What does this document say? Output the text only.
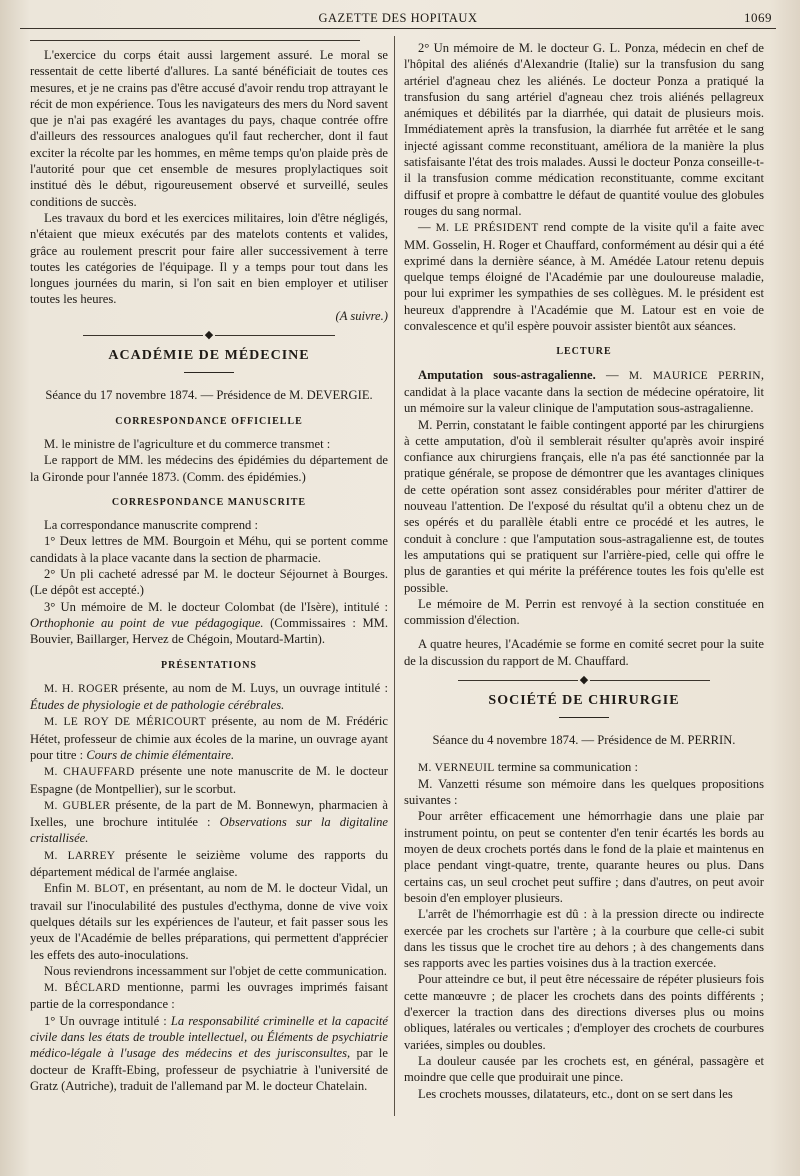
GAZETTE DES HOPITAUX	1069

L'exercice du corps était aussi largement assuré. Le moral se ressentait de cette liberté d'allures. La santé bénéficiait de toutes ces mesures, et je ne crains pas d'être accusé d'avoir rendu trop attrayant le récit de mon expérience. Tous les navigateurs des mers du Nord savent que je n'ai pas exagéré les avantages du pays, chaque contrée offre d'ailleurs des ressources analogues qu'il faut rechercher, dont il faut exciter la récolte par les hommes, en même temps qu'on plaide près de l'autorité pour que cet ensemble de mesures proplylactiques soit institué dès le début, rigoureusement observé et surveillé, seules conditions de succès.

Les travaux du bord et les exercices militaires, loin d'être négligés, n'étaient que mieux exécutés par des matelots contents et valides, grâce au roulement prescrit pour faire aller successivement à terre toutes les catégories de l'équipage. Il y a temps pour tout dans les longues journées du marin, si l'on sait en bien employer et utiliser toutes les heures.

(A suivre.)
◆
ACADÉMIE DE MÉDECINE
Séance du 17 novembre 1874. — Présidence de M. DEVERGIE.
CORRESPONDANCE OFFICIELLE

M. le ministre de l'agriculture et du commerce transmet :

Le rapport de MM. les médecins des épidémies du département de la Gironde pour l'année 1873. (Comm. des épidémies.)

CORRESPONDANCE MANUSCRITE

La correspondance manuscrite comprend :

1° Deux lettres de MM. Bourgoin et Méhu, qui se portent comme candidats à la place vacante dans la section de pharmacie.

2° Un pli cacheté adressé par M. le docteur Séjournet à Bourges. (Le dépôt est accepté.)

3° Un mémoire de M. le docteur Colombat (de l'Isère), intitulé : Orthophonie au point de vue pédagogique. (Commissaires : MM. Bouvier, Baillarger, Hervez de Chégoin, Moutard-Martin).

PRÉSENTATIONS

M. H. ROGER présente, au nom de M. Luys, un ouvrage intitulé : Études de physiologie et de pathologie cérébrales.

M. LE ROY DE MÉRICOURT présente, au nom de M. Frédéric Hétet, professeur de chimie aux écoles de la marine, un ouvrage ayant pour titre : Cours de chimie élémentaire.

M. CHAUFFARD présente une note manuscrite de M. le docteur Espagne (de Montpellier), sur le scorbut.

M. GUBLER présente, de la part de M. Bonnewyn, pharmacien à Ixelles, une brochure intitulée : Observations sur la digitaline cristallisée.

M. LARREY présente le seizième volume des rapports du département médical de l'armée anglaise.

Enfin M. BLOT, en présentant, au nom de M. le docteur Vidal, un travail sur l'inoculabilité des pustules d'ecthyma, donne de vive voix quelques détails sur les expériences de l'auteur, et fait passer sous les yeux de l'Académie de belles préparations, qui permettent d'apprécier les effets des auto-inoculations.

Nous reviendrons incessamment sur l'objet de cette communication.

M. BÉCLARD mentionne, parmi les ouvrages imprimés faisant partie de la correspondance :

1° Un ouvrage intitulé : La responsabilité criminelle et la capacité civile dans les états de trouble intellectuel, ou Éléments de psychiatrie médico-légale à l'usage des médecins et des jurisconsultes, par le docteur de Krafft-Ebing, professeur de psychiatrie à l'université de Gratz (Autriche), traduit de l'allemand par M. le docteur Chatelain.

2° Un mémoire de M. le docteur G. L. Ponza, médecin en chef de l'hôpital des aliénés d'Alexandrie (Italie) sur la transfusion du sang artériel d'agneau chez les aliénés. Le docteur Ponza a pratiqué la transfusion du sang artériel d'agneau chez trois aliénés pellagreux anémiques et débilités par la diarrhée, qui datait de plusieurs mois. Immédiatement après la transfusion, la diarrhée fut arrêtée et le sang injecté agissant comme reconstituant, améliora de la manière la plus satisfaisante l'état des trois malades. Aussi le docteur Ponza conseille-t-il la transfusion comme médication reconstituante, comme excitant diffusif et propre à combattre le défaut de quantité voulue des globules rouges du sang normal.

— M. LE PRÉSIDENT rend compte de la visite qu'il a faite avec MM. Gosselin, H. Roger et Chauffard, conformément au désir qui a été exprimé dans la dernière séance, à M. Amédée Latour retenu depuis quelque temps éloigné de l'Académie par une douloureuse maladie, pour lui exprimer les sympathies de ses collègues. M. le président est heureux d'apprendre à l'Académie que M. Latour est en voie de convalescence et qu'il espère pouvoir assister bientôt aux séances.

LECTURE

Amputation sous-astragalienne. — M. MAURICE PERRIN, candidat à la place vacante dans la section de médecine opératoire, lit un mémoire sur la valeur clinique de l'amputation sous-astragalienne.

M. Perrin, constatant le faible contingent apporté par les chirurgiens à cette amputation, d'où il semblerait résulter qu'après avoir inspiré confiance aux chirurgiens français, elle n'a pas été sanctionnée par la pratique générale, se propose de démontrer que les avantages cliniques de cette opération sont assez considérables pour mériter d'attirer de nouveau l'attention. De l'exposé du résultat qu'il a obtenu chez un de ses opérés et du parallèle établi entre ce procédé et les autres, le conduit à conclure : que l'amputation sous-astragalienne est, de toutes les amputations qui se pratiquent sur l'arrière-pied, celle qui offre le plus de garanties et qui mérite la préférence toutes les fois qu'elle est possible.

Le mémoire de M. Perrin est renvoyé à la section constituée en commission d'élection.

A quatre heures, l'Académie se forme en comité secret pour la suite de la discussion du rapport de M. Chauffard.

◆
SOCIÉTÉ DE CHIRURGIE
Séance du 4 novembre 1874. — Présidence de M. PERRIN.

M. VERNEUIL termine sa communication :

M. Vanzetti résume son mémoire dans les quelques propositions suivantes :

Pour arrêter efficacement une hémorrhagie dans une plaie par instrument pointu, on peut se contenter d'en tenir écartés les bords au moyen de deux crochets portés dans le fond de la plaie et maintenus en place pendant vingt-quatre, trente, quarante heures ou plus. Dans certains cas, un seul crochet peut suffire ; dans d'autres, on peut avoir besoin d'en employer plusieurs.

L'arrêt de l'hémorrhagie est dû : à la pression directe ou indirecte exercée par les crochets sur l'artère ; à la courbure que celle-ci subit dans les tissus que le crochet tire au dehors ; à des changements dans ses rapports avec les parties voisines dus à la traction exercée.

Pour atteindre ce but, il peut être nécessaire de répéter plusieurs fois cette manœuvre ; de placer les crochets dans des points différents ; d'exercer la traction dans des directions diverses plus ou moins obliques, latérales ou verticales ; d'employer des crochets de courbures variées, simples ou doubles.

La douleur causée par les crochets est, en général, passagère et moindre que celle que produirait une pince.

Les crochets mousses, dilatateurs, etc., dont on se sert dans les
